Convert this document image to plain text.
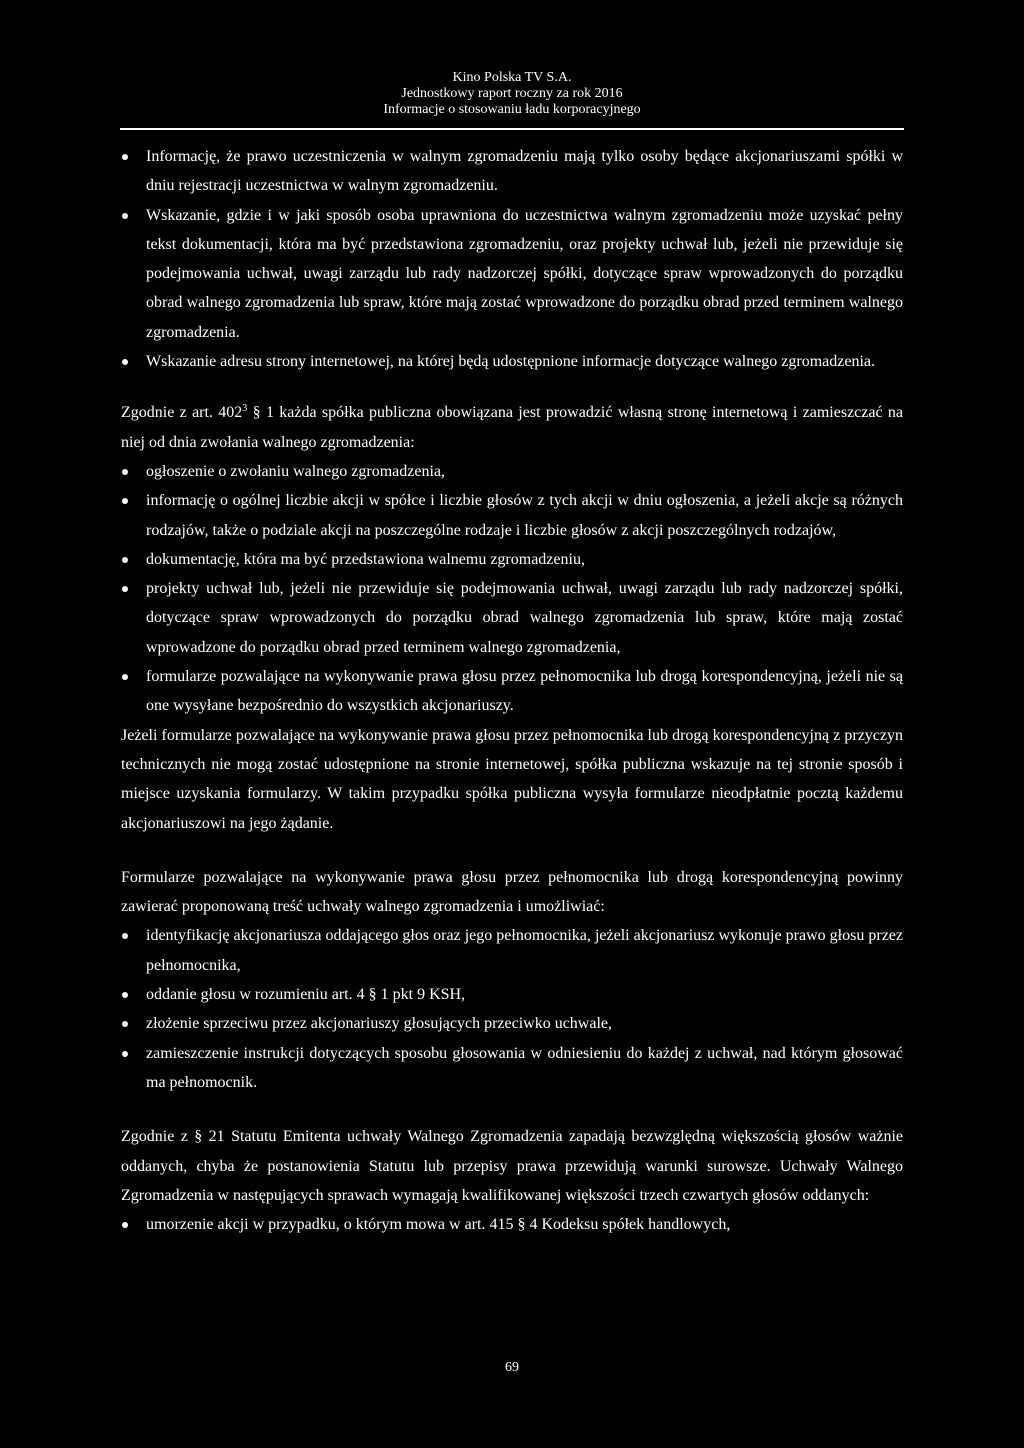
Kino Polska TV S.A.
Jednostkowy raport roczny za rok 2016
Informacje o stosowaniu ładu korporacyjnego
Informację, że prawo uczestniczenia w walnym zgromadzeniu mają tylko osoby będące akcjonariuszami spółki w dniu rejestracji uczestnictwa w walnym zgromadzeniu.
Wskazanie, gdzie i w jaki sposób osoba uprawniona do uczestnictwa walnym zgromadzeniu może uzyskać pełny tekst dokumentacji, która ma być przedstawiona zgromadzeniu, oraz projekty uchwał lub, jeżeli nie przewiduje się podejmowania uchwał, uwagi zarządu lub rady nadzorczej spółki, dotyczące spraw wprowadzonych do porządku obrad walnego zgromadzenia lub spraw, które mają zostać wprowadzone do porządku obrad przed terminem walnego zgromadzenia.
Wskazanie adresu strony internetowej, na której będą udostępnione informacje dotyczące walnego zgromadzenia.

Zgodnie z art. $402^3$ § 1 każda spółka publiczna obowiązana jest prowadzić własną stronę internetową i zamieszczać na niej od dnia zwołania walnego zgromadzenia:

ogłoszenie o zwołaniu walnego zgromadzenia,
informację o ogólnej liczbie akcji w spółce i liczbie głosów z tych akcji w dniu ogłoszenia, a jeżeli akcje są różnych rodzajów, także o podziale akcji na poszczególne rodzaje i liczbie głosów z akcji poszczególnych rodzajów,
dokumentację, która ma być przedstawiona walnemu zgromadzeniu,
projekty uchwał lub, jeżeli nie przewiduje się podejmowania uchwał, uwagi zarządu lub rady nadzorczej spółki, dotyczące spraw wprowadzonych do porządku obrad walnego zgromadzenia lub spraw, które mają zostać wprowadzone do porządku obrad przed terminem walnego zgromadzenia,
formularze pozwalające na wykonywanie prawa głosu przez pełnomocnika lub drogą korespondencyjną, jeżeli nie są one wysyłane bezpośrednio do wszystkich akcjonariuszy.

Jeżeli formularze pozwalające na wykonywanie prawa głosu przez pełnomocnika lub drogą korespondencyjną z przyczyn technicznych nie mogą zostać udostępnione na stronie internetowej, spółka publiczna wskazuje na tej stronie sposób i miejsce uzyskania formularzy. W takim przypadku spółka publiczna wysyła formularze nieodpłatnie pocztą każdemu akcjonariuszowi na jego żądanie.

Formularze pozwalające na wykonywanie prawa głosu przez pełnomocnika lub drogą korespondencyjną powinny zawierać proponowaną treść uchwały walnego zgromadzenia i umożliwiać:

identyfikację akcjonariusza oddającego głos oraz jego pełnomocnika, jeżeli akcjonariusz wykonuje prawo głosu przez pełnomocnika,
oddanie głosu w rozumieniu art. 4 § 1 pkt 9 KSH,
złożenie sprzeciwu przez akcjonariuszy głosujących przeciwko uchwale,
zamieszczenie instrukcji dotyczących sposobu głosowania w odniesieniu do każdej z uchwał, nad którym głosować ma pełnomocnik.

Zgodnie z § 21 Statutu Emitenta uchwały Walnego Zgromadzenia zapadają bezwzględną większością głosów ważnie oddanych, chyba że postanowienia Statutu lub przepisy prawa przewidują warunki surowsze. Uchwały Walnego Zgromadzenia w następujących sprawach wymagają kwalifikowanej większości trzech czwartych głosów oddanych:

umorzenie akcji w przypadku, o którym mowa w art. 415 § 4 Kodeksu spółek handlowych,
69
